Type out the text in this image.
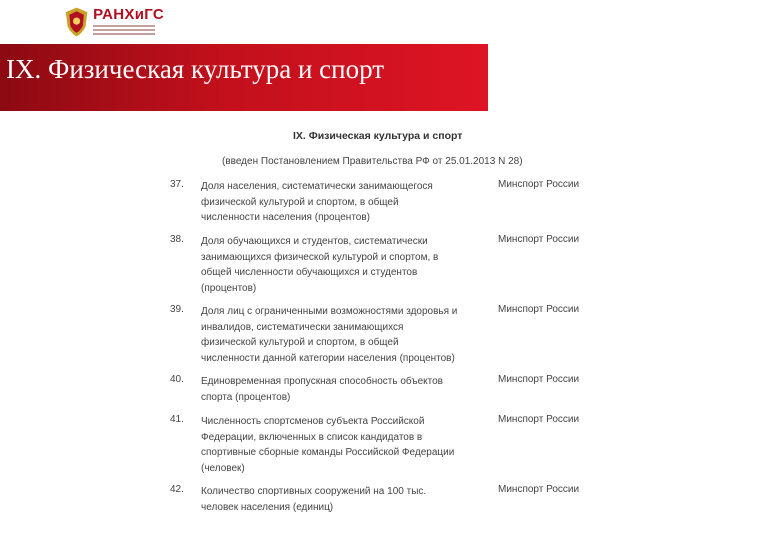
РАНХиГС
IX. Физическая культура и спорт
IX. Физическая культура и спорт
(введен Постановлением Правительства РФ от 25.01.2013 N 28)
37. Доля населения, систематически занимающегося
физической культурой и спортом, в общей
численности населения (процентов)
Минспорт России
38. Доля обучающихся и студентов, систематически
занимающихся физической культурой и спортом, в
общей численности обучающихся и студентов
(процентов)
Минспорт России
39. Доля лиц с ограниченными возможностями здоровья и
инвалидов, систематически занимающихся
физической культурой и спортом, в общей
численности данной категории населения (процентов)
Минспорт России
40. Единовременная пропускная способность объектов
спорта (процентов)
Минспорт России
41. Численность спортсменов субъекта Российской
Федерации, включенных в список кандидатов в
спортивные сборные команды Российской Федерации
(человек)
Минспорт России
42. Количество спортивных сооружений на 100 тыс.
человек населения (единиц)
Минспорт России
